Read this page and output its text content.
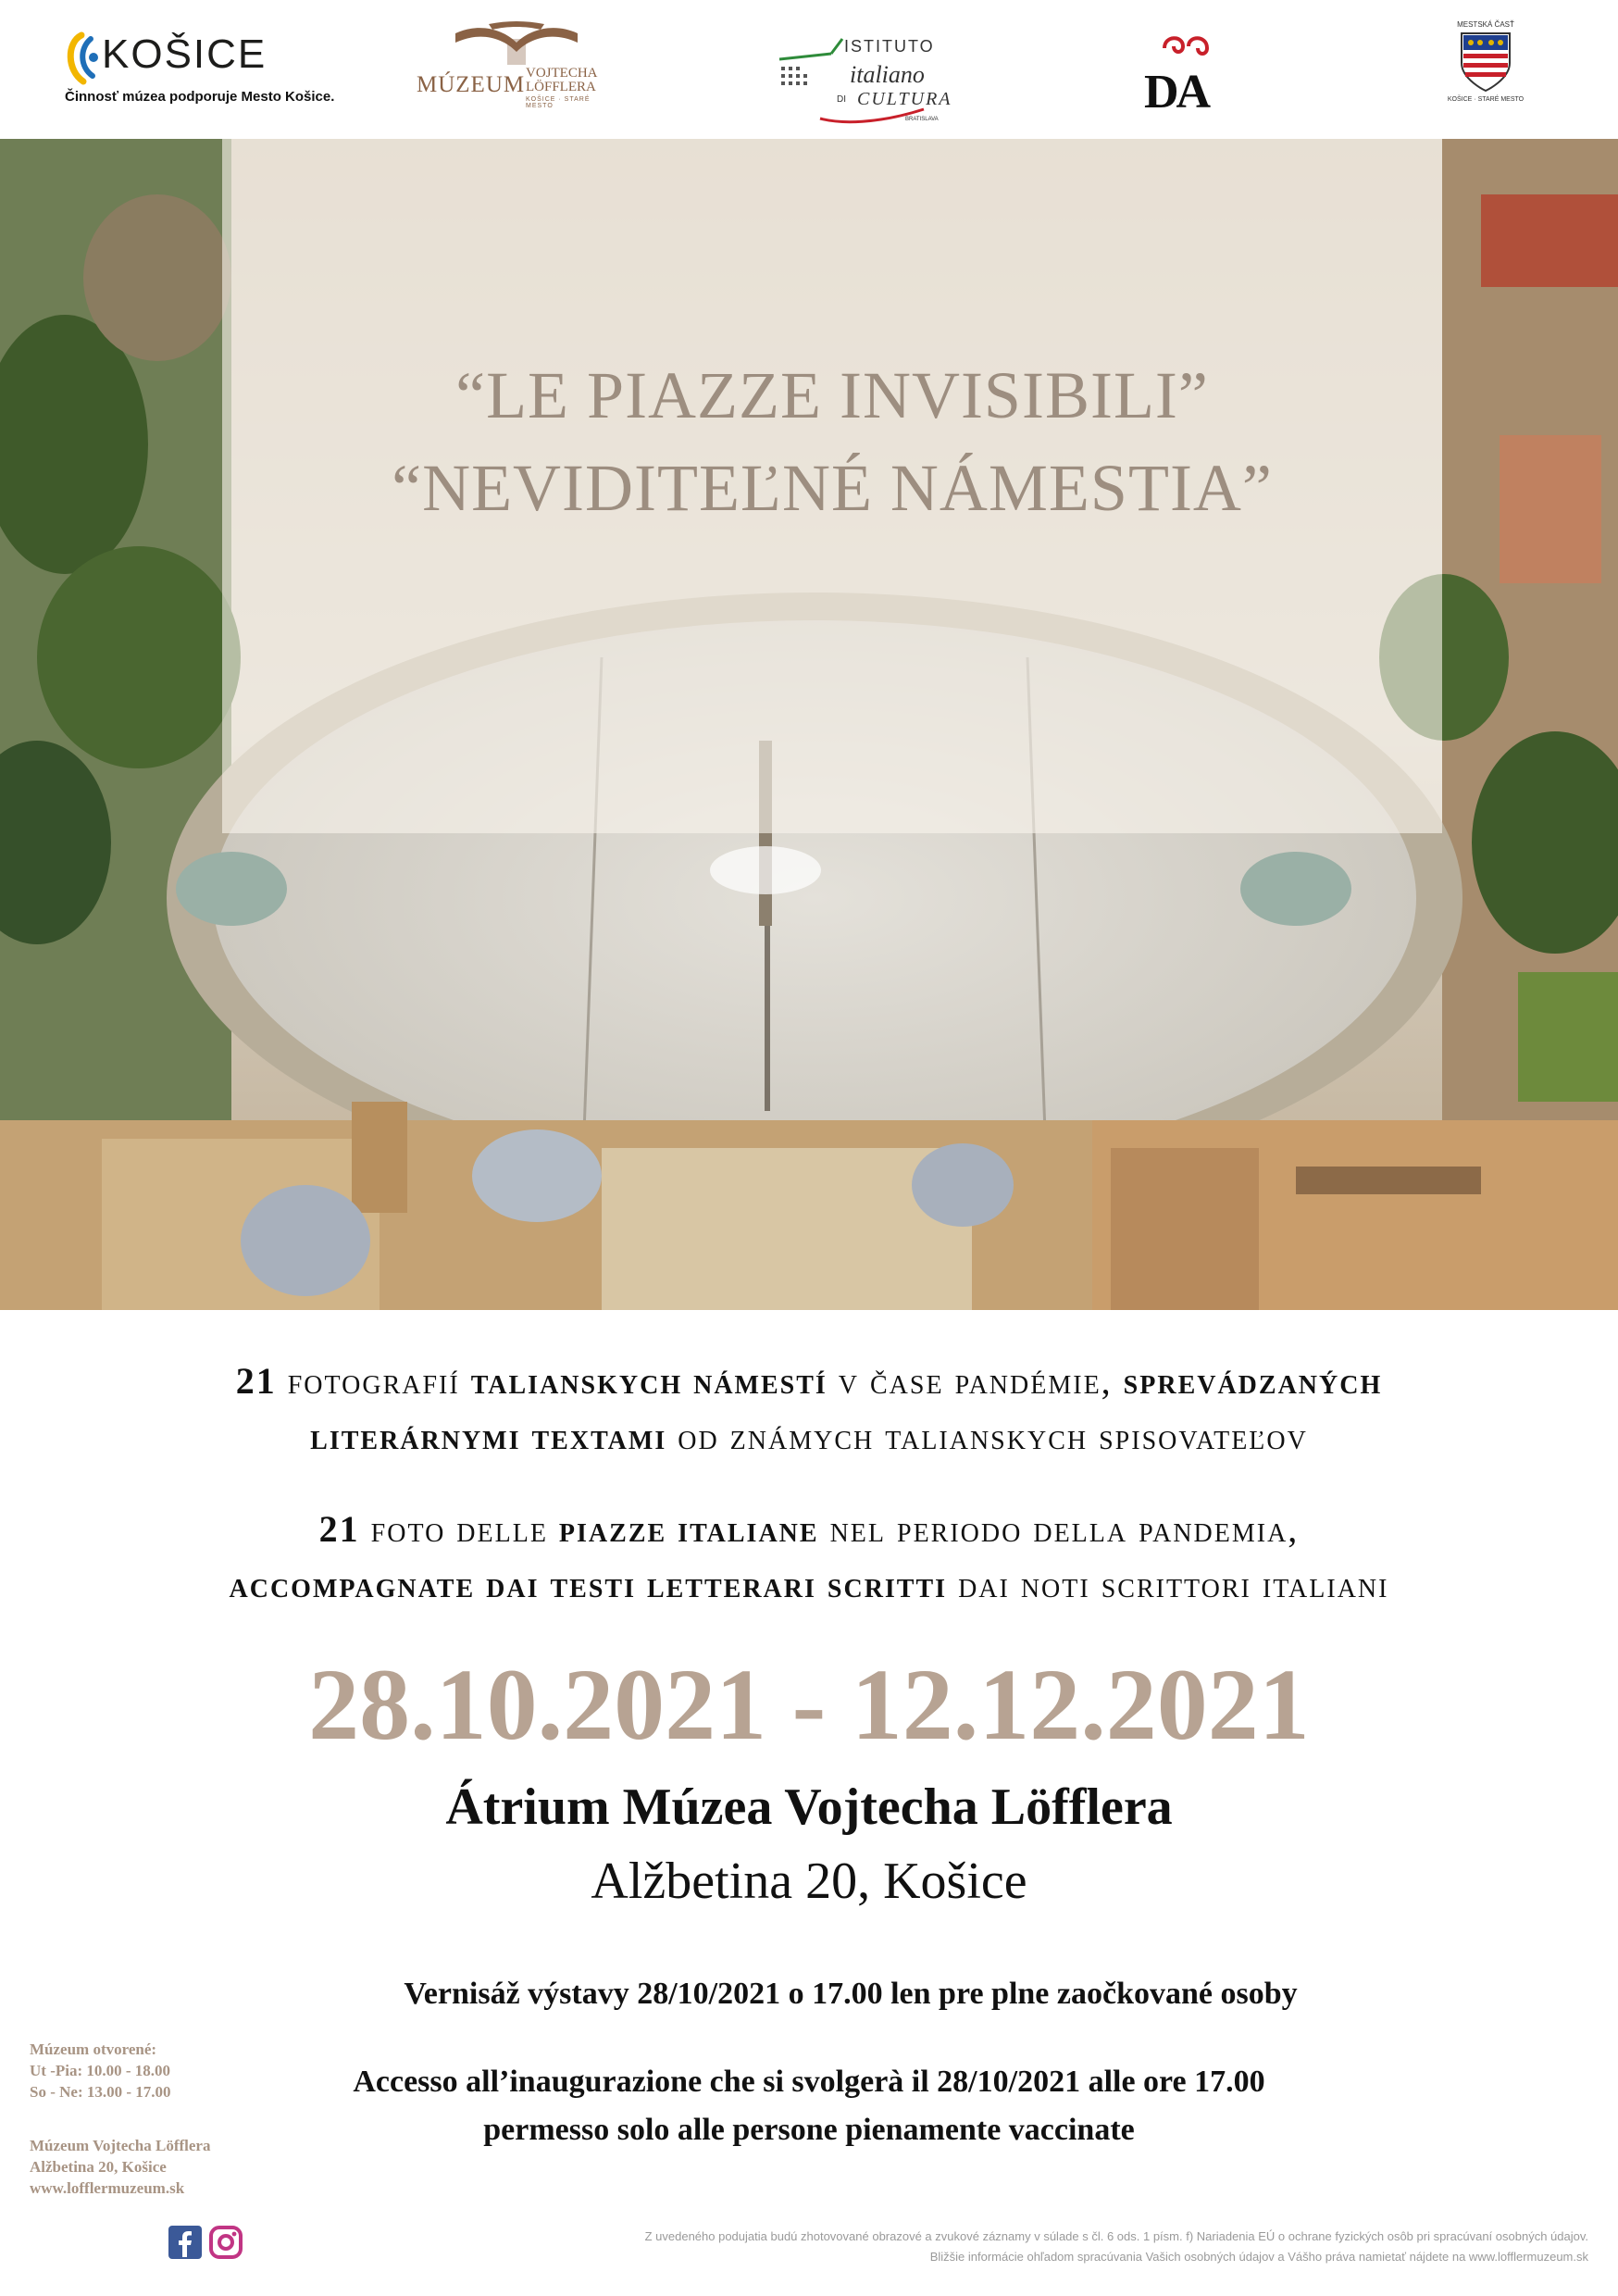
KOŠICE
Činnosť múzea podporuje Mesto Košice.	MÚZEUM VOJTECHA
LÖFFLERA
KOŠICE · STARÉ MESTO
ISTITUTO
italiano
DI CULTURA
BRATISLAVA
DA
MESTSKÁ ČASŤ
KOŠICE · STARÉ MESTO
“LE PIAZZE INVISIBILI”
“NEVIDITEĽNÉ NÁMESTIA”
21 fotografií talianskych námestí v čase pandémie, sprevádzaných
literárnymi textami od známych talianskych spisovateľov
21 foto delle piazze italiane nel periodo della pandemia,
accompagnate dai testi letterari scritti dai noti scrittori italiani
28.10.2021 - 12.12.2021
Átrium Múzea Vojtecha Löfflera
Alžbetina 20, Košice
Vernisáž výstavy 28/10/2021 o 17.00 len pre plne zaočkované osoby
Accesso all’inaugurazione che si svolgerà il 28/10/2021 alle ore 17.00
permesso solo alle persone pienamente vaccinate
Múzeum otvorené:
Ut -Pia: 10.00 - 18.00
So - Ne: 13.00 - 17.00
Múzeum Vojtecha Löfflera
Alžbetina 20, Košice
www.lofflermuzeum.sk
Z uvedeného podujatia budú zhotovované obrazové a zvukové záznamy v súlade s čl. 6 ods. 1 písm. f) Nariadenia EÚ o ochrane fyzických osôb pri spracúvaní osobných údajov.
Bližšie informácie ohľadom spracúvania Vašich osobných údajov a Vášho práva namietať nájdete na www.lofflermuzeum.sk
